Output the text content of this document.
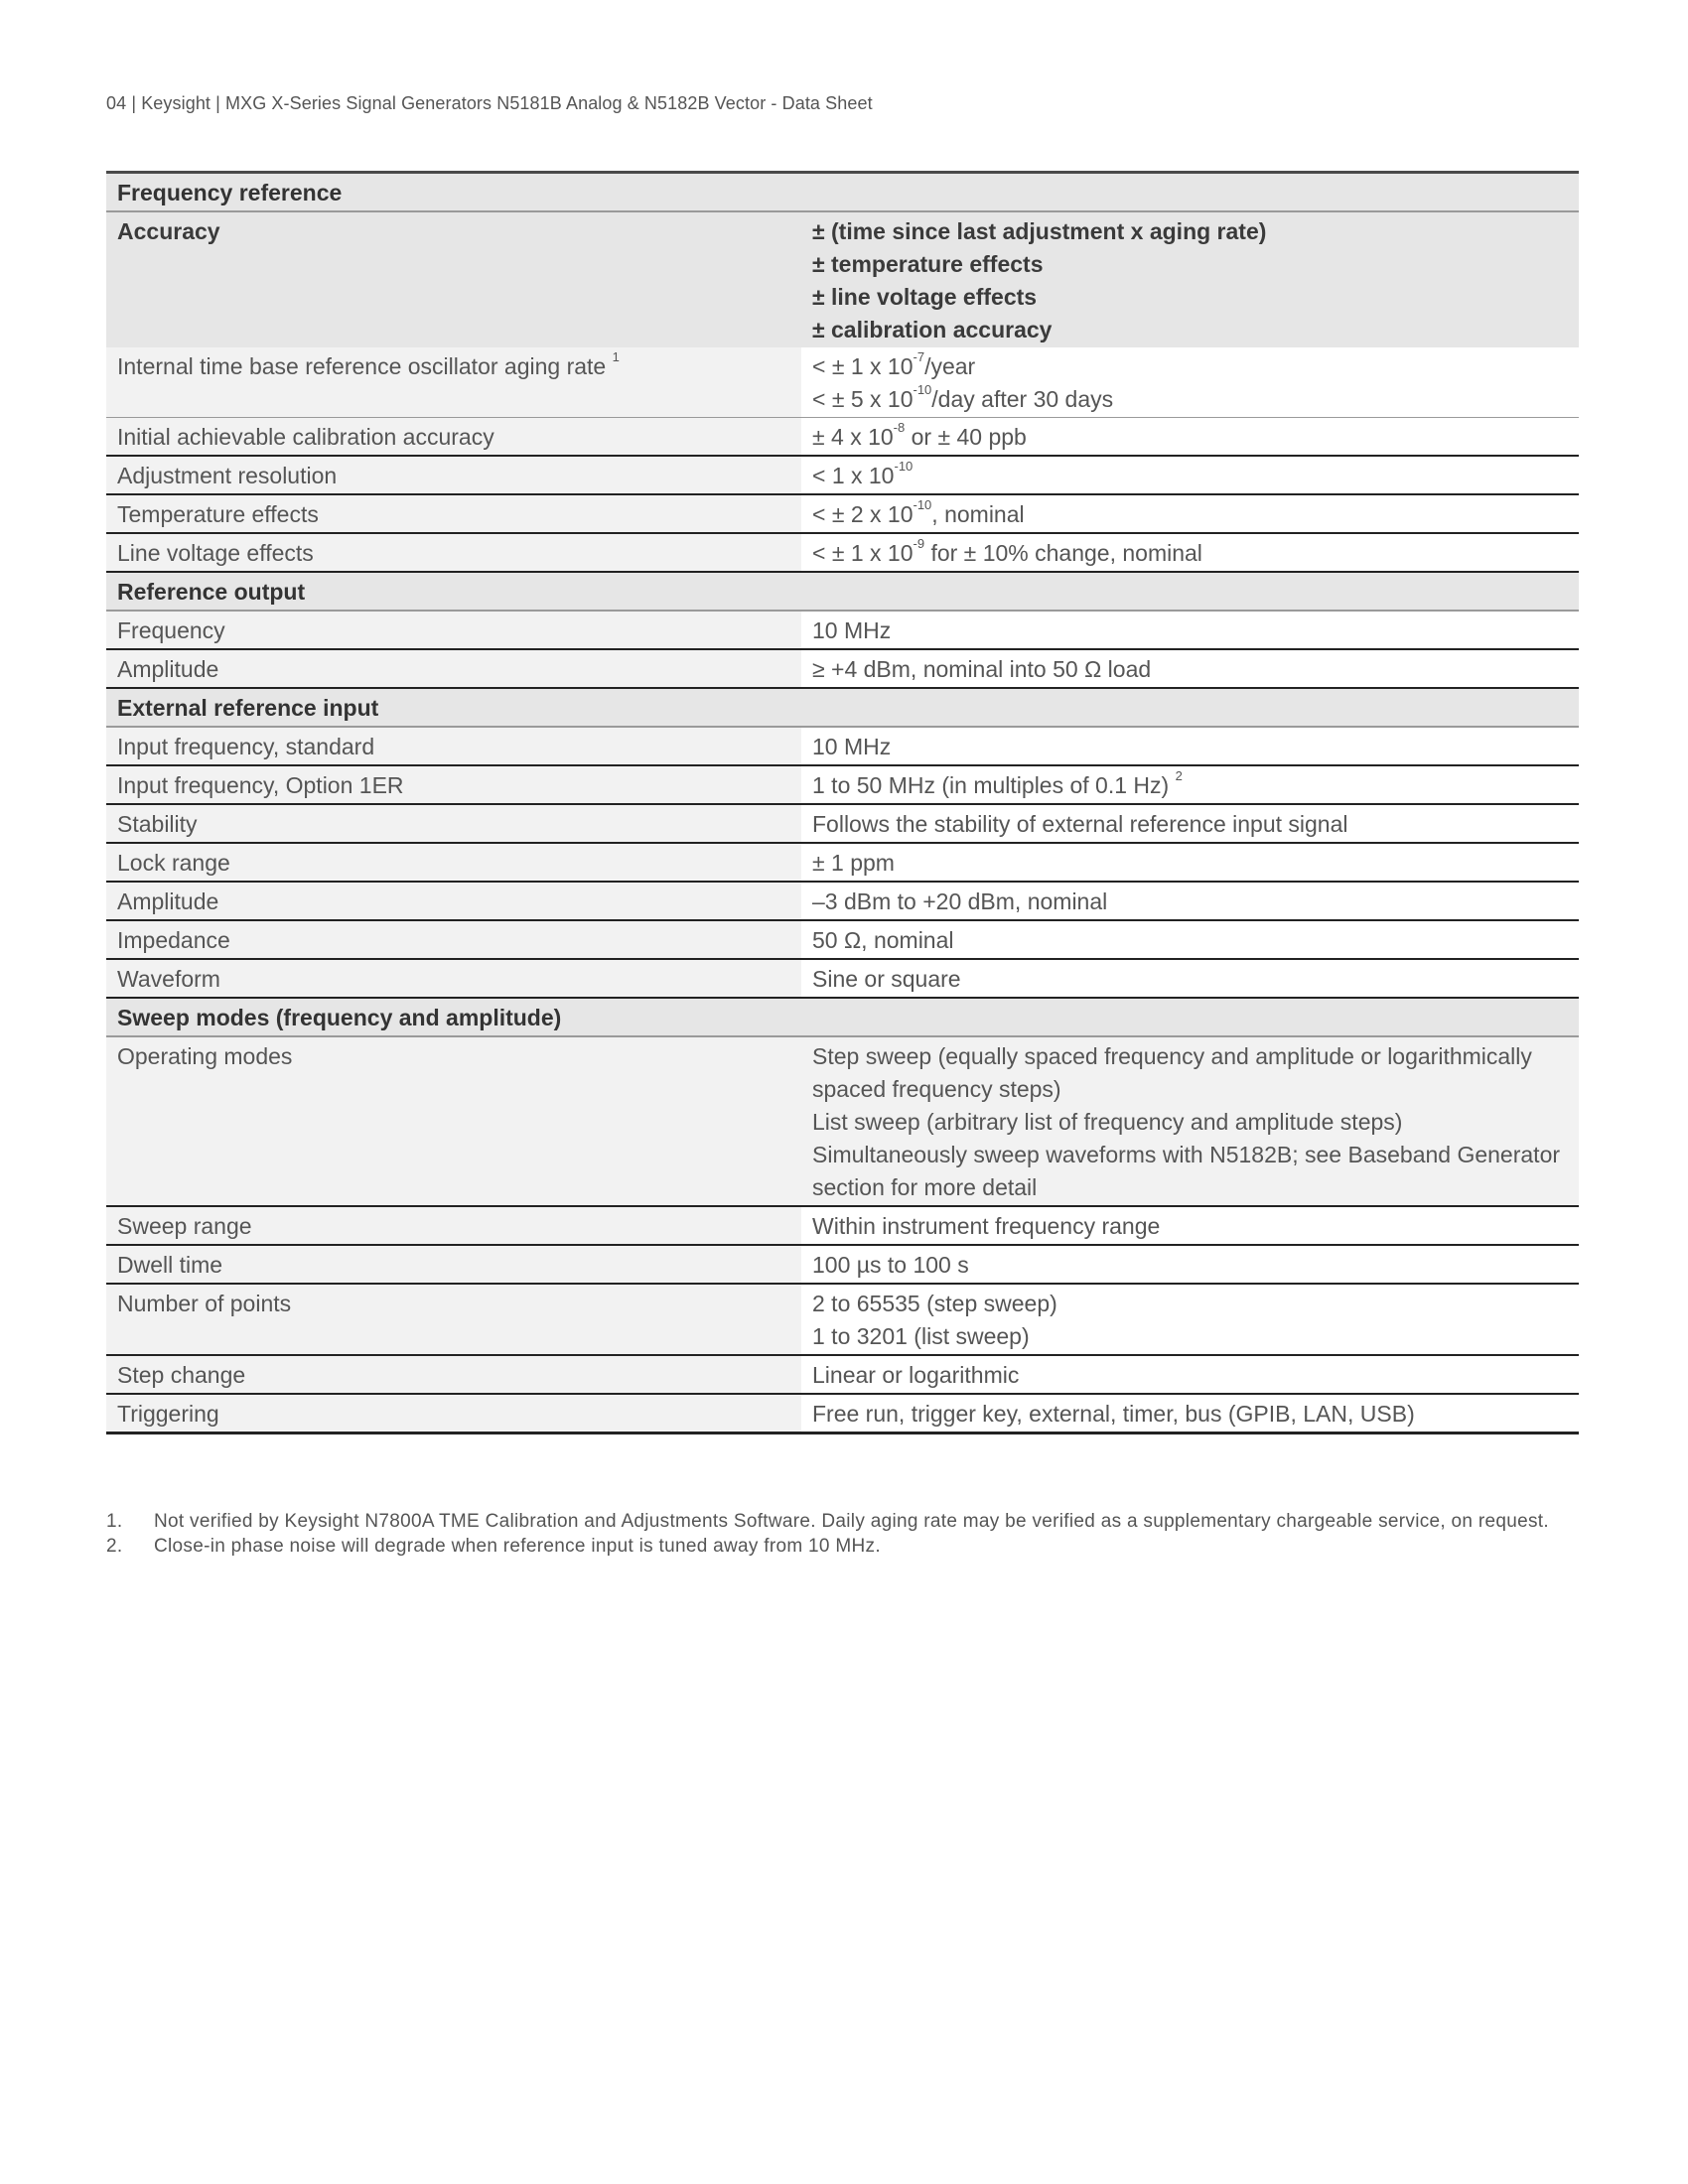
04 | Keysight | MXG X-Series Signal Generators N5181B Analog & N5182B Vector - Data Sheet
Frequency reference	
Accuracy	± (time since last adjustment x aging rate)
± temperature effects
± line voltage effects
± calibration accuracy

Internal time base reference oscillator aging rate $^1$	< ± 1 x $10^{-7}$/year
< ± 5 x $10^{-10}$/day after 30 days

Initial achievable calibration accuracy	± 4 x $10^{-8}$ or ± 40 ppb
Adjustment resolution	< 1 x $10^{-10}$
Temperature effects	< ± 2 x $10^{-10}$, nominal
Line voltage effects	< ± 1 x $10^{-9}$ for ± 10% change, nominal
Reference output	
Frequency	10 MHz
Amplitude	≥ +4 dBm, nominal into 50 Ω load
External reference input	
Input frequency, standard	10 MHz
Input frequency, Option 1ER	1 to 50 MHz (in multiples of 0.1 Hz) $^2$
Stability	Follows the stability of external reference input signal
Lock range	± 1 ppm
Amplitude	–3 dBm to +20 dBm, nominal
Impedance	50 Ω, nominal
Waveform	Sine or square
Sweep modes (frequency and amplitude)	
Operating modes	Step sweep (equally spaced frequency and amplitude or logarithmically spaced frequency steps)
List sweep (arbitrary list of frequency and amplitude steps)
Simultaneously sweep waveforms with N5182B; see Baseband Generator section for more detail

Sweep range	Within instrument frequency range
Dwell time	100 µs to 100 s
Number of points	2 to 65535 (step sweep)
1 to 3201 (list sweep)

Step change	Linear or logarithmic
Triggering	Free run, trigger key, external, timer, bus (GPIB, LAN, USB)
1.	Not verified by Keysight N7800A TME Calibration and Adjustments Software. Daily aging rate may be verified as a supplementary chargeable service, on request.
2.	Close-in phase noise will degrade when reference input is tuned away from 10 MHz.
